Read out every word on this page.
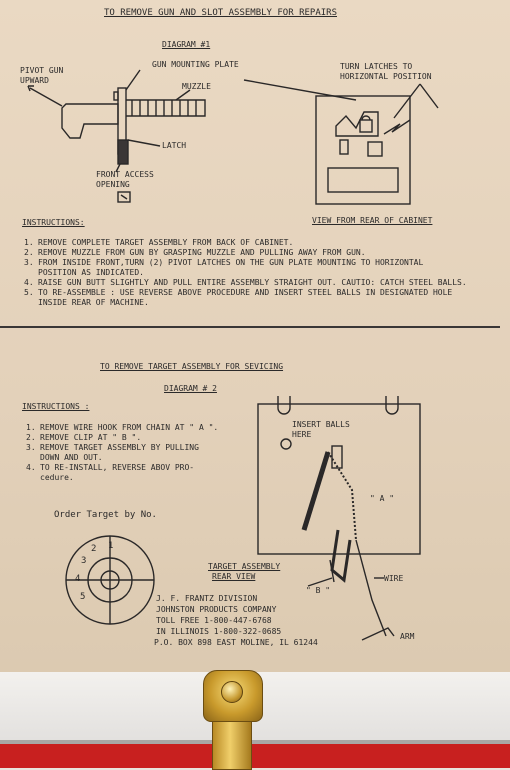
TO REMOVE GUN AND SLOT ASSEMBLY FOR REPAIRS
DIAGRAM #1
PIVOT GUN
UPWARD
GUN MOUNTING PLATE
MUZZLE
LATCH
FRONT ACCESS
OPENING
TURN LATCHES TO
HORIZONTAL POSITION
VIEW FROM REAR OF CABINET
INSTRUCTIONS:
1. REMOVE COMPLETE TARGET ASSEMBLY FROM BACK OF CABINET.
2. REMOVE MUZZLE FROM GUN BY GRASPING MUZZLE AND PULLING AWAY FROM GUN.
3. FROM INSIDE FRONT,TURN (2) PIVOT LATCHES ON THE GUN PLATE MOUNTING TO HORIZONTAL
POSITION AS INDICATED.
4. RAISE GUN BUTT SLIGHTLY AND PULL ENTIRE ASSEMBLY STRAIGHT OUT. CAUTIO: CATCH STEEL BALLS.
5. TO RE-ASSEMBLE : USE REVERSE ABOVE PROCEDURE AND INSERT STEEL BALLS IN DESIGNATED HOLE
INSIDE REAR OF MACHINE.
TO REMOVE TARGET ASSEMBLY FOR SEVICING
DIAGRAM # 2
INSTRUCTIONS :
1. REMOVE WIRE HOOK FROM CHAIN AT " A ".
2. REMOVE CLIP AT " B ".
3. REMOVE TARGET ASSEMBLY BY PULLING
DOWN AND OUT.
4. TO RE-INSTALL, REVERSE ABOV PRO-
cedure.
Order Target by No.
INSERT BALLS
HERE
" A "
" B "
WIRE
ARM
TARGET ASSEMBLY
REAR VIEW
J. F. FRANTZ DIVISION
JOHNSTON PRODUCTS COMPANY
TOLL FREE 1-800-447-6768
IN ILLINOIS 1-800-322-0685
P.O. BOX 898 EAST MOLINE, IL 61244
1
2
3
4
5
